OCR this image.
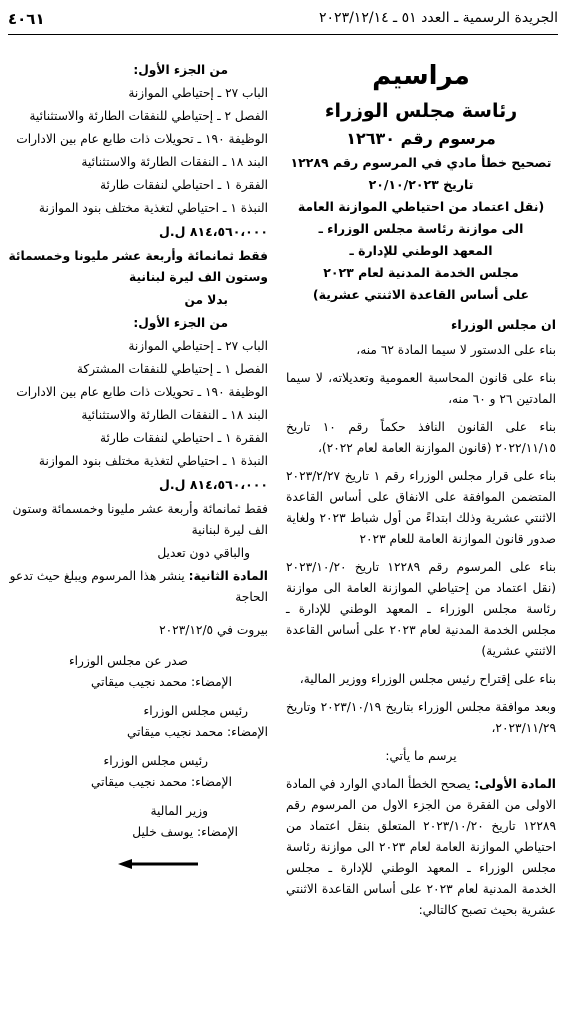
الجريدة الرسمية ـ العدد ٥١ ـ ٢٠٢٣/١٢/١٤
٤٠٦١
مراسيم
رئاسة مجلس الوزراء
مرسوم رقم ١٢٦٣٠
تصحيح خطأ مادي في المرسوم رقم ١٢٢٨٩
تاريخ ٢٠/١٠/٢٠٢٣
(نقل اعتماد من احتياطي الموازنة العامة
الى موازنة رئاسة مجلس الوزراء ـ
المعهد الوطني للإدارة ـ
مجلس الخدمة المدنية لعام ٢٠٢٣
على أساس القاعدة الاثنتي عشرية)
ان مجلس الوزراء

بناء على الدستور لا سيما المادة ٦٢ منه،

بناء على قانون المحاسبة العمومية وتعديلاته، لا سيما المادتين ٢٦ و ٦٠ منه،

بناء على القانون النافذ حكماً رقم ١٠ تاريخ ٢٠٢٢/١١/١٥ (قانون الموازنة العامة لعام ٢٠٢٢)،

بناء على قرار مجلس الوزراء رقم ١ تاريخ ٢٠٢٣/٢/٢٧ المتضمن الموافقة على الانفاق على أساس القاعدة الاثنتي عشرية وذلك ابتداءً من أول شباط ٢٠٢٣ ولغاية صدور قانون الموازنة العامة للعام ٢٠٢٣

بناء على المرسوم رقم ١٢٢٨٩ تاريخ ٢٠٢٣/١٠/٢٠ (نقل اعتماد من إحتياطي الموازنة العامة الى موازنة رئاسة مجلس الوزراء ـ المعهد الوطني للإدارة ـ مجلس الخدمة المدنية لعام ٢٠٢٣ على أساس القاعدة الاثنتي عشرية)

بناء على إقتراح رئيس مجلس الوزراء ووزير المالية،

وبعد موافقة مجلس الوزراء بتاريخ ٢٠٢٣/١٠/١٩ وتاريخ ٢٠٢٣/١١/٢٩،

يرسم ما يأتي:

المادة الأولى: يصحح الخطأ المادي الوارد في المادة الاولى من الفقرة من الجزء الاول من المرسوم رقم ١٢٢٨٩ تاريخ ٢٠٢٣/١٠/٢٠ المتعلق بنقل اعتماد من احتياطي الموازنة العامة لعام ٢٠٢٣ الى موازنة رئاسة مجلس الوزراء ـ المعهد الوطني للإدارة ـ مجلس الخدمة المدنية لعام ٢٠٢٣ على أساس القاعدة الاثنتي عشرية بحيث تصبح كالتالي:

من الجزء الأول:
الباب ٢٧ ـ إحتياطي الموازنة
الفصل ٢ ـ إحتياطي للنفقات الطارئة والاستثنائية
الوظيفة ١٩٠ ـ تحويلات ذات طابع عام بين الادارات
البند ١٨ ـ النفقات الطارئة والاستثنائية
الفقرة ١ ـ احتياطي لنفقات طارئة
النبذة ١ ـ احتياطي لتغذية مختلف بنود الموازنة
٨١٤،٥٦٠،٠٠٠ ل.ل
فقط ثمانمائة وأربعة عشر مليونا وخمسمائة وستون الف ليرة لبنانية
بدلا من
من الجزء الأول:
الباب ٢٧ ـ إحتياطي الموازنة
الفصل ١ ـ إحتياطي للنفقات المشتركة
الوظيفة ١٩٠ ـ تحويلات ذات طابع عام بين الادارات
البند ١٨ ـ النفقات الطارئة والاستثنائية
الفقرة ١ ـ احتياطي لنفقات طارئة
النبذة ١ ـ احتياطي لتغذية مختلف بنود الموازنة
٨١٤،٥٦٠،٠٠٠ ل.ل
فقط ثمانمائة وأربعة عشر مليونا وخمسمائة وستون الف ليرة لبنانية
والباقي دون تعديل
المادة الثانية: ينشر هذا المرسوم ويبلغ حيث تدعو الحاجة
بيروت في ٢٠٢٣/١٢/٥
صدر عن مجلس الوزراء
الإمضاء: محمد نجيب ميقاتي
رئيس مجلس الوزراء
الإمضاء: محمد نجيب ميقاتي
رئيس مجلس الوزراء
الإمضاء: محمد نجيب ميقاتي
وزير المالية
الإمضاء: يوسف خليل
